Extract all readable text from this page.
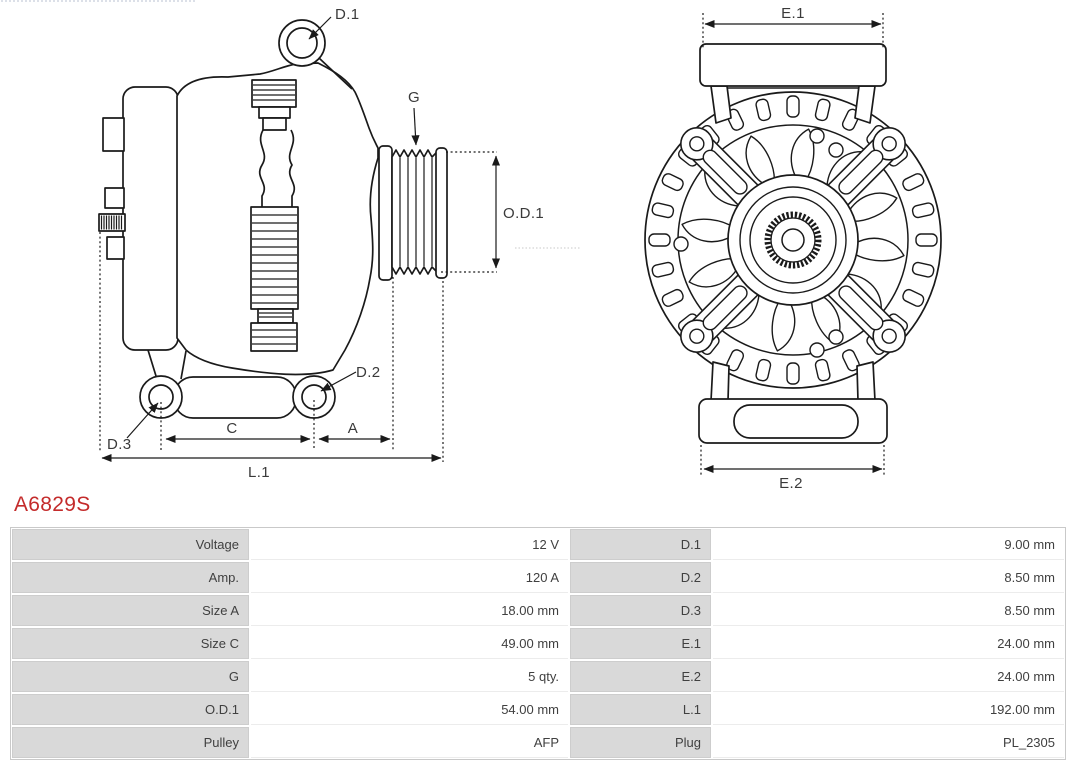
D.1
G
O.D.1
D.2
D.3
C	A
L.1
E.1
E.2
A6829S
Voltage	12 V	D.1	9.00 mm
Amp.	120 A	D.2	8.50 mm
Size A	18.00 mm	D.3	8.50 mm
Size C	49.00 mm	E.1	24.00 mm
G	5 qty.	E.2	24.00 mm
O.D.1	54.00 mm	L.1	192.00 mm
Pulley	AFP	Plug	PL_2305
